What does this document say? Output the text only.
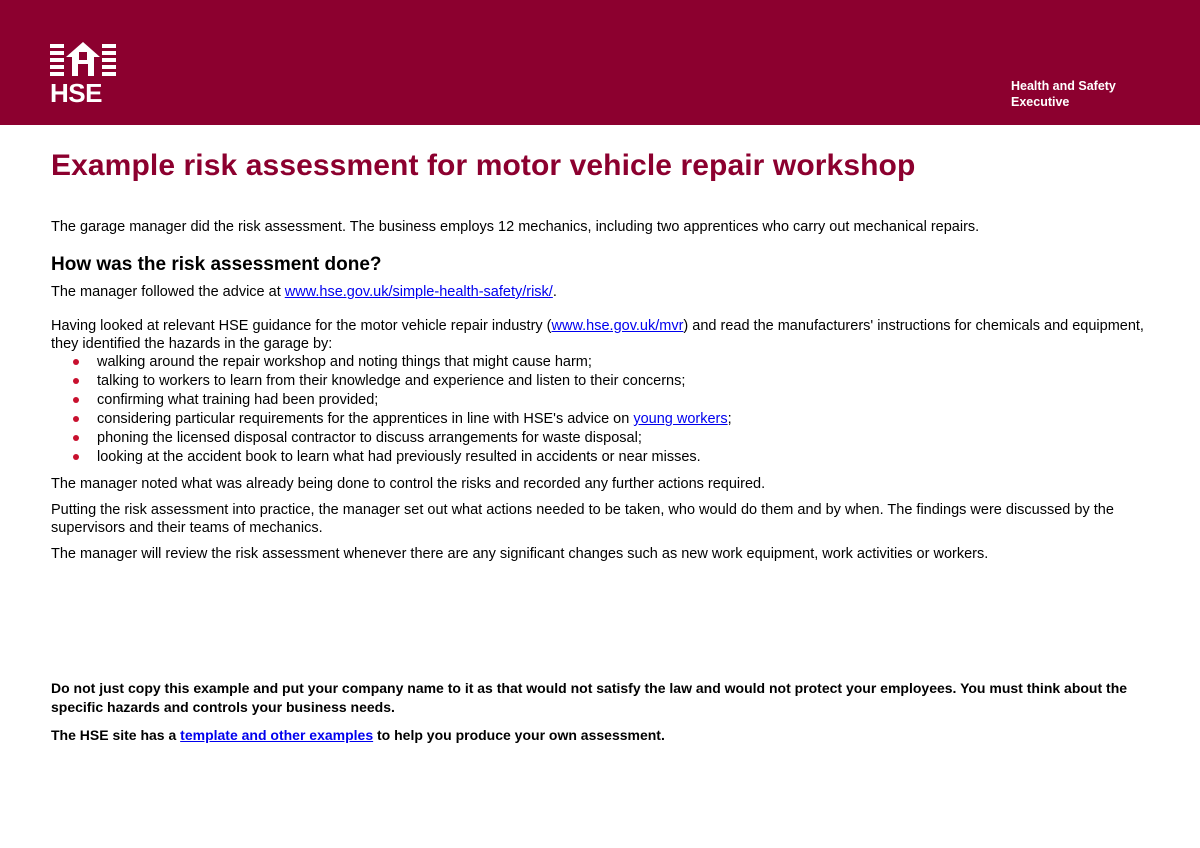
HSE	Health and Safety
Executive
Example risk assessment for motor vehicle repair workshop

The garage manager did the risk assessment. The business employs 12 mechanics, including two apprentices who carry out mechanical repairs.

How was the risk assessment done?

The manager followed the advice at www.hse.gov.uk/simple-health-safety/risk/.

Having looked at relevant HSE guidance for the motor vehicle repair industry (www.hse.gov.uk/mvr) and read the manufacturers' instructions for chemicals and equipment, they identified the hazards in the garage by:

walking around the repair workshop and noting things that might cause harm;
talking to workers to learn from their knowledge and experience and listen to their concerns;
confirming what training had been provided;
considering particular requirements for the apprentices in line with HSE's advice on young workers;
phoning the licensed disposal contractor to discuss arrangements for waste disposal;
looking at the accident book to learn what had previously resulted in accidents or near misses.

The manager noted what was already being done to control the risks and recorded any further actions required.

Putting the risk assessment into practice, the manager set out what actions needed to be taken, who would do them and by when. The findings were discussed by the supervisors and their teams of mechanics.

The manager will review the risk assessment whenever there are any significant changes such as new work equipment, work activities or workers.

Do not just copy this example and put your company name to it as that would not satisfy the law and would not protect your employees. You must think about the specific hazards and controls your business needs.

The HSE site has a template and other examples to help you produce your own assessment.
